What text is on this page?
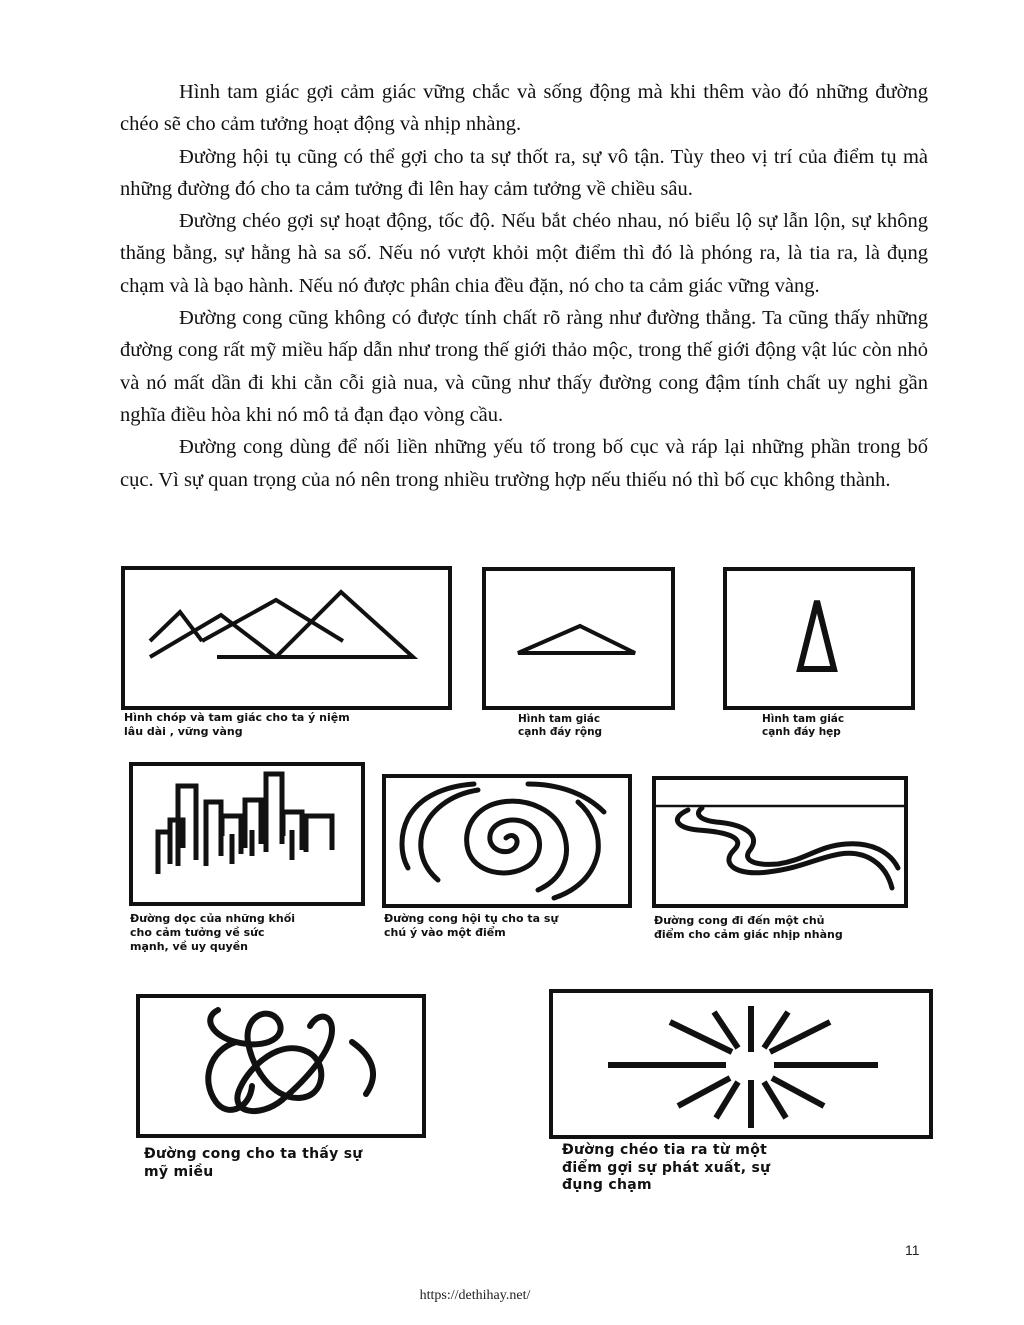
Hình tam giác gợi cảm giác vững chắc và sống động mà khi thêm vào đó những đường chéo sẽ cho cảm tưởng hoạt động và nhịp nhàng.

Đường hội tụ cũng có thể gợi cho ta sự thốt ra, sự vô tận. Tùy theo vị trí của điểm tụ mà những đường đó cho ta cảm tưởng đi lên hay cảm tưởng về chiều sâu.

Đường chéo gợi sự hoạt động, tốc độ. Nếu bắt chéo nhau, nó biểu lộ sự lẫn lộn, sự không thăng bằng, sự hằng hà sa số. Nếu nó vượt khỏi một điểm thì đó là phóng ra, là tia ra, là đụng chạm và là bạo hành. Nếu nó được phân chia đều đặn, nó cho ta cảm giác vững vàng.

Đường cong cũng không có được tính chất rõ ràng như đường thẳng. Ta cũng thấy những đường cong rất mỹ miều hấp dẫn như trong thế giới thảo mộc, trong thế giới động vật lúc còn nhỏ và nó mất dần đi khi cằn cỗi già nua, và cũng như thấy đường cong đậm tính chất uy nghi gần nghĩa điều hòa khi nó mô tả đạn đạo vòng cầu.

Đường cong dùng để nối liền những yếu tố trong bố cục và ráp lại những phần trong bố cục. Vì sự quan trọng của nó nên trong nhiều trường hợp nếu thiếu nó thì bố cục không thành.

Hình chóp và tam giác cho ta ý niệm
lâu dài , vững vàng
Hình tam giác
cạnh đáy rộng
Hình tam giác
cạnh đáy hẹp
Đường dọc của những khối
cho cảm tưởng về sức
mạnh, về uy quyền
Đường cong hội tụ cho ta sự
chú ý vào một điểm
Đường cong đi đến một chủ
điểm cho cảm giác nhịp nhàng
Đường cong cho ta thấy sự
mỹ miều
Đường chéo tia ra từ một
điểm gợi sự phát xuất, sự
đụng chạm
11
https://dethihay.net/
